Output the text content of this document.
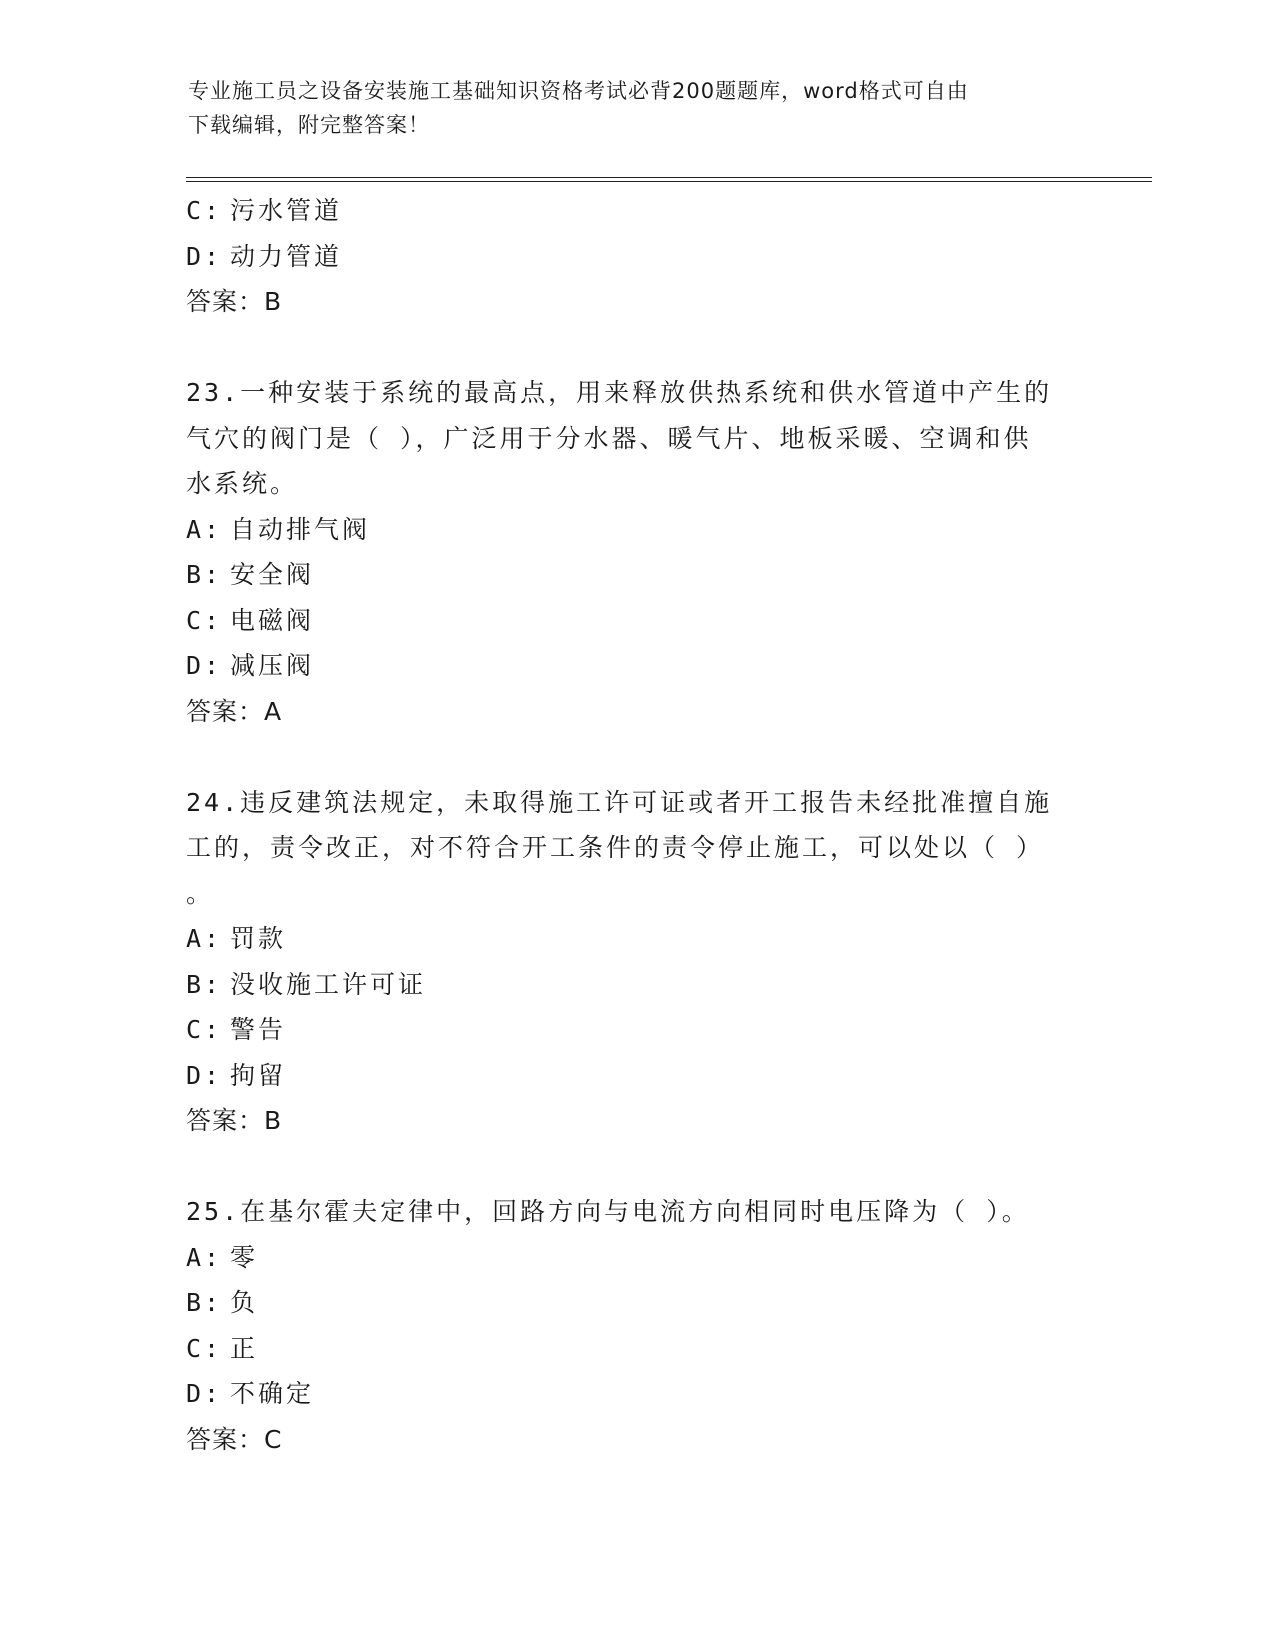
专业施工员之设备安装施工基础知识资格考试必背200题题库，word格式可自由
下载编辑，附完整答案！
C: 污水管道
D: 动力管道
答案：B
23.一种安装于系统的最高点，用来释放供热系统和供水管道中产生的
气穴的阀门是（ ），广泛用于分水器、暖气片、地板采暖、空调和供
水系统。
A: 自动排气阀
B: 安全阀
C: 电磁阀
D: 减压阀
答案：A
24.违反建筑法规定，未取得施工许可证或者开工报告未经批准擅自施
工的，责令改正，对不符合开工条件的责令停止施工，可以处以（ ）
。
A: 罚款
B: 没收施工许可证
C: 警告
D: 拘留
答案：B
25.在基尔霍夫定律中，回路方向与电流方向相同时电压降为（ ）。
A: 零
B: 负
C: 正
D: 不确定
答案：C
